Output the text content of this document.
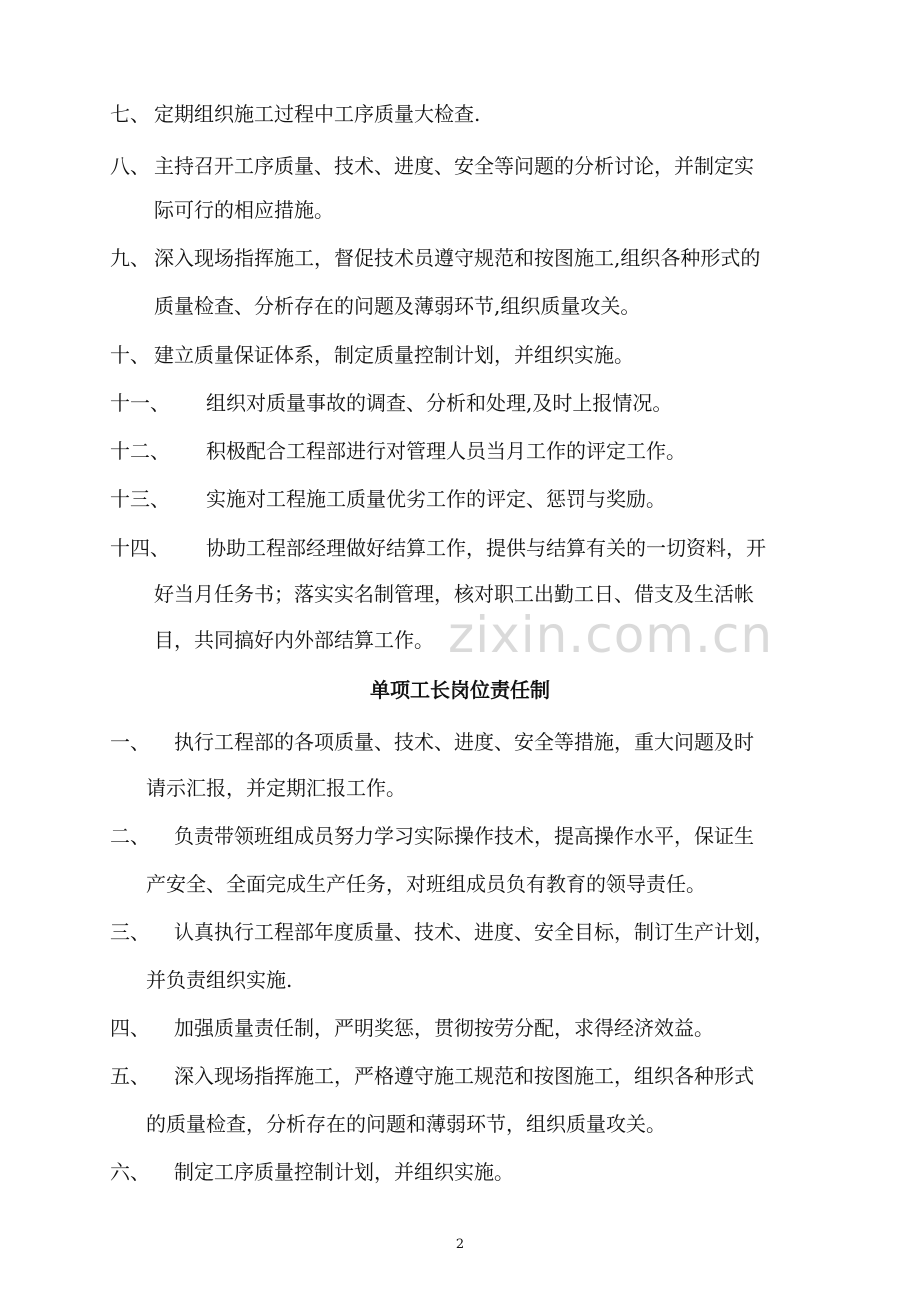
七、 定期组织施工过程中工序质量大检查.
八、 主持召开工序质量、技术、进度、安全等问题的分析讨论，并制定实
际可行的相应措施。
九、 深入现场指挥施工，督促技术员遵守规范和按图施工,组织各种形式的
质量检查、分析存在的问题及薄弱环节,组织质量攻关。
十、 建立质量保证体系，制定质量控制计划，并组织实施。
十一、 组织对质量事故的调查、分析和处理,及时上报情况。
十二、 积极配合工程部进行对管理人员当月工作的评定工作。
十三、 实施对工程施工质量优劣工作的评定、惩罚与奖励。
十四、 协助工程部经理做好结算工作，提供与结算有关的一切资料，开
好当月任务书；落实实名制管理，核对职工出勤工日、借支及生活帐
目，共同搞好内外部结算工作。
单项工长岗位责任制
一、 执行工程部的各项质量、技术、进度、安全等措施，重大问题及时
请示汇报，并定期汇报工作。
二、 负责带领班组成员努力学习实际操作技术，提高操作水平，保证生
产安全、全面完成生产任务，对班组成员负有教育的领导责任。
三、 认真执行工程部年度质量、技术、进度、安全目标，制订生产计划，
并负责组织实施.
四、 加强质量责任制，严明奖惩，贯彻按劳分配，求得经济效益。
五、 深入现场指挥施工，严格遵守施工规范和按图施工，组织各种形式
的质量检查，分析存在的问题和薄弱环节，组织质量攻关。
六、 制定工序质量控制计划，并组织实施。
zixin.com.cn
2
